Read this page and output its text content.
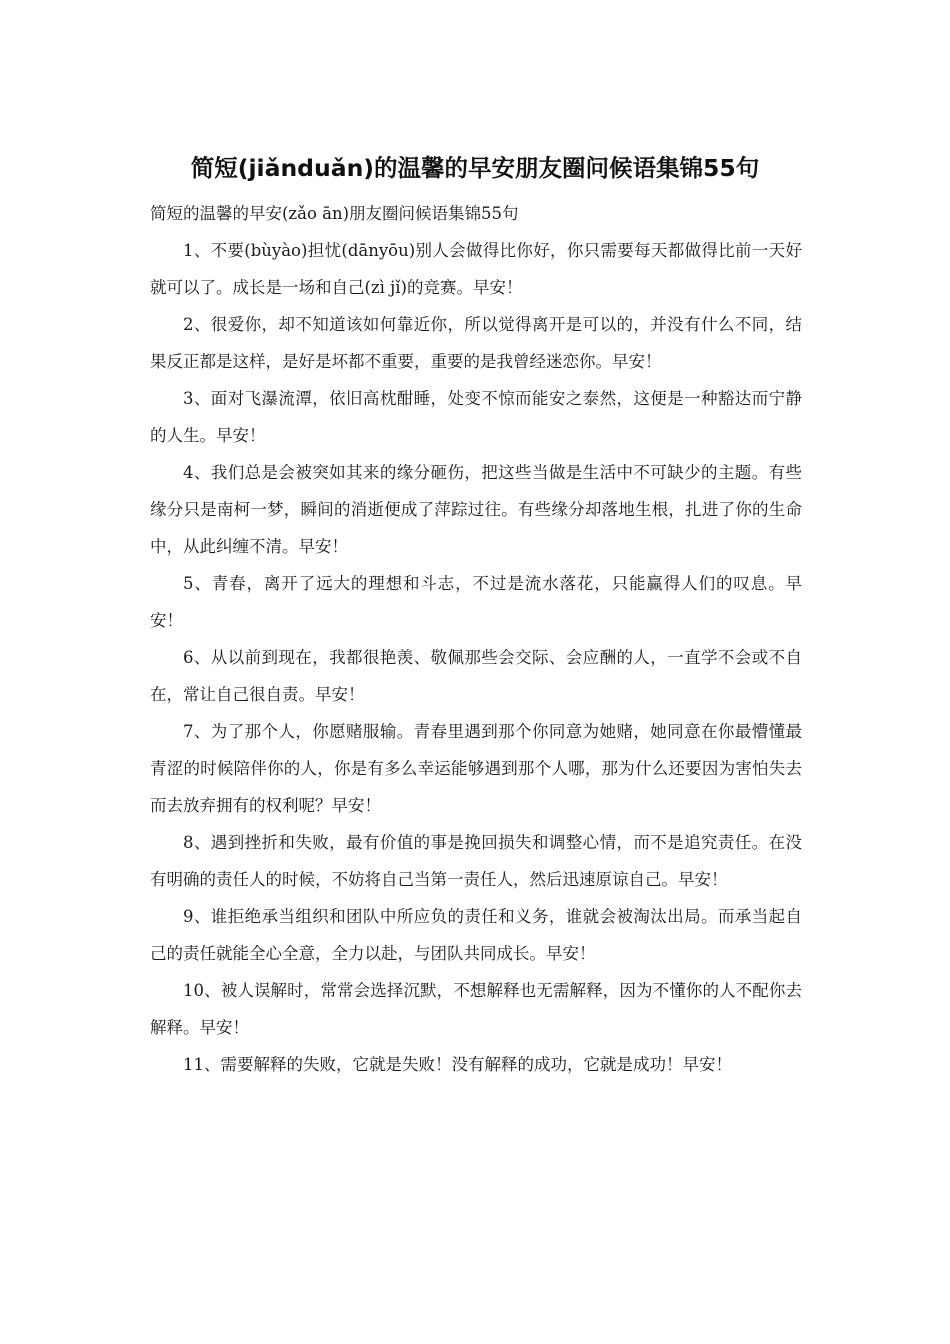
简短(jiǎnduǎn)的温馨的早安朋友圈问候语集锦55句

简短的温馨的早安(zǎo ān)朋友圈问候语集锦55句

1、不要(bùyào)担忧(dānyōu)别人会做得比你好，你只需要每天都做得比前一天好就可以了。成长是一场和自己(zì jǐ)的竞赛。早安！

2、很爱你，却不知道该如何靠近你，所以觉得离开是可以的，并没有什么不同，结果反正都是这样，是好是坏都不重要，重要的是我曾经迷恋你。早安！

3、面对飞瀑流潭，依旧高枕酣睡，处变不惊而能安之泰然，这便是一种豁达而宁静的人生。早安！

4、我们总是会被突如其来的缘分砸伤，把这些当做是生活中不可缺少的主题。有些缘分只是南柯一梦，瞬间的消逝便成了萍踪过往。有些缘分却落地生根，扎进了你的生命中，从此纠缠不清。早安！

5、青春，离开了远大的理想和斗志，不过是流水落花，只能赢得人们的叹息。早安！

6、从以前到现在，我都很艳羡、敬佩那些会交际、会应酬的人，一直学不会或不自在，常让自己很自责。早安！

7、为了那个人，你愿赌服输。青春里遇到那个你同意为她赌，她同意在你最懵懂最青涩的时候陪伴你的人，你是有多么幸运能够遇到那个人哪，那为什么还要因为害怕失去而去放弃拥有的权利呢？早安！

8、遇到挫折和失败，最有价值的事是挽回损失和调整心情，而不是追究责任。在没有明确的责任人的时候，不妨将自己当第一责任人，然后迅速原谅自己。早安！

9、谁拒绝承当组织和团队中所应负的责任和义务，谁就会被淘汰出局。而承当起自己的责任就能全心全意，全力以赴，与团队共同成长。早安！

10、被人误解时，常常会选择沉默，不想解释也无需解释，因为不懂你的人不配你去解释。早安！

11、需要解释的失败，它就是失败！没有解释的成功，它就是成功！早安！
